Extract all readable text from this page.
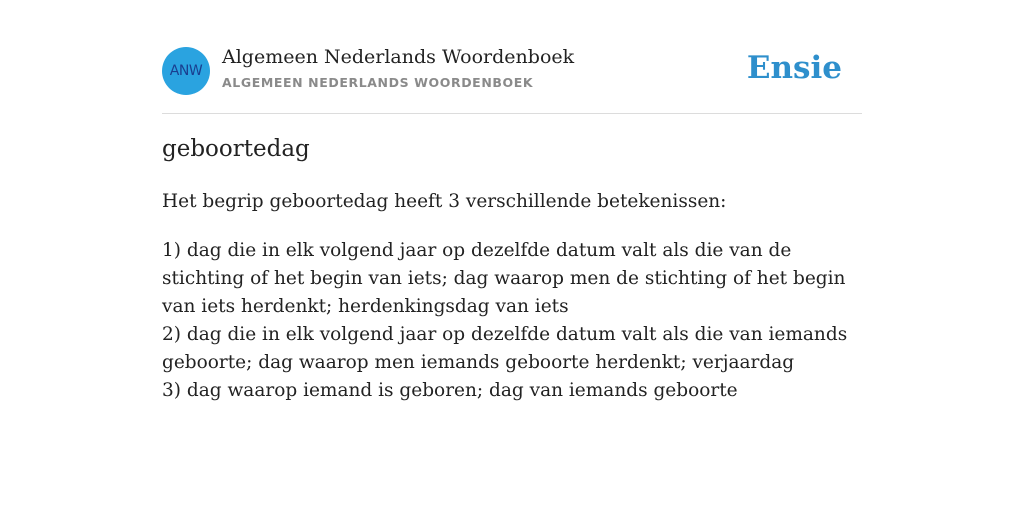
ANW
Algemeen Nederlands Woordenboek
ALGEMEEN NEDERLANDS WOORDENBOEK	Ensie
geboortedag
Het begrip geboortedag heeft 3 verschillende betekenissen:
1) dag die in elk volgend jaar op dezelfde datum valt als die van de stichting of het begin van iets; dag waarop men de stichting of het begin van iets herdenkt; herdenkingsdag van iets
2) dag die in elk volgend jaar op dezelfde datum valt als die van iemands geboorte; dag waarop men iemands geboorte herdenkt; verjaardag
3) dag waarop iemand is geboren; dag van iemands geboorte
